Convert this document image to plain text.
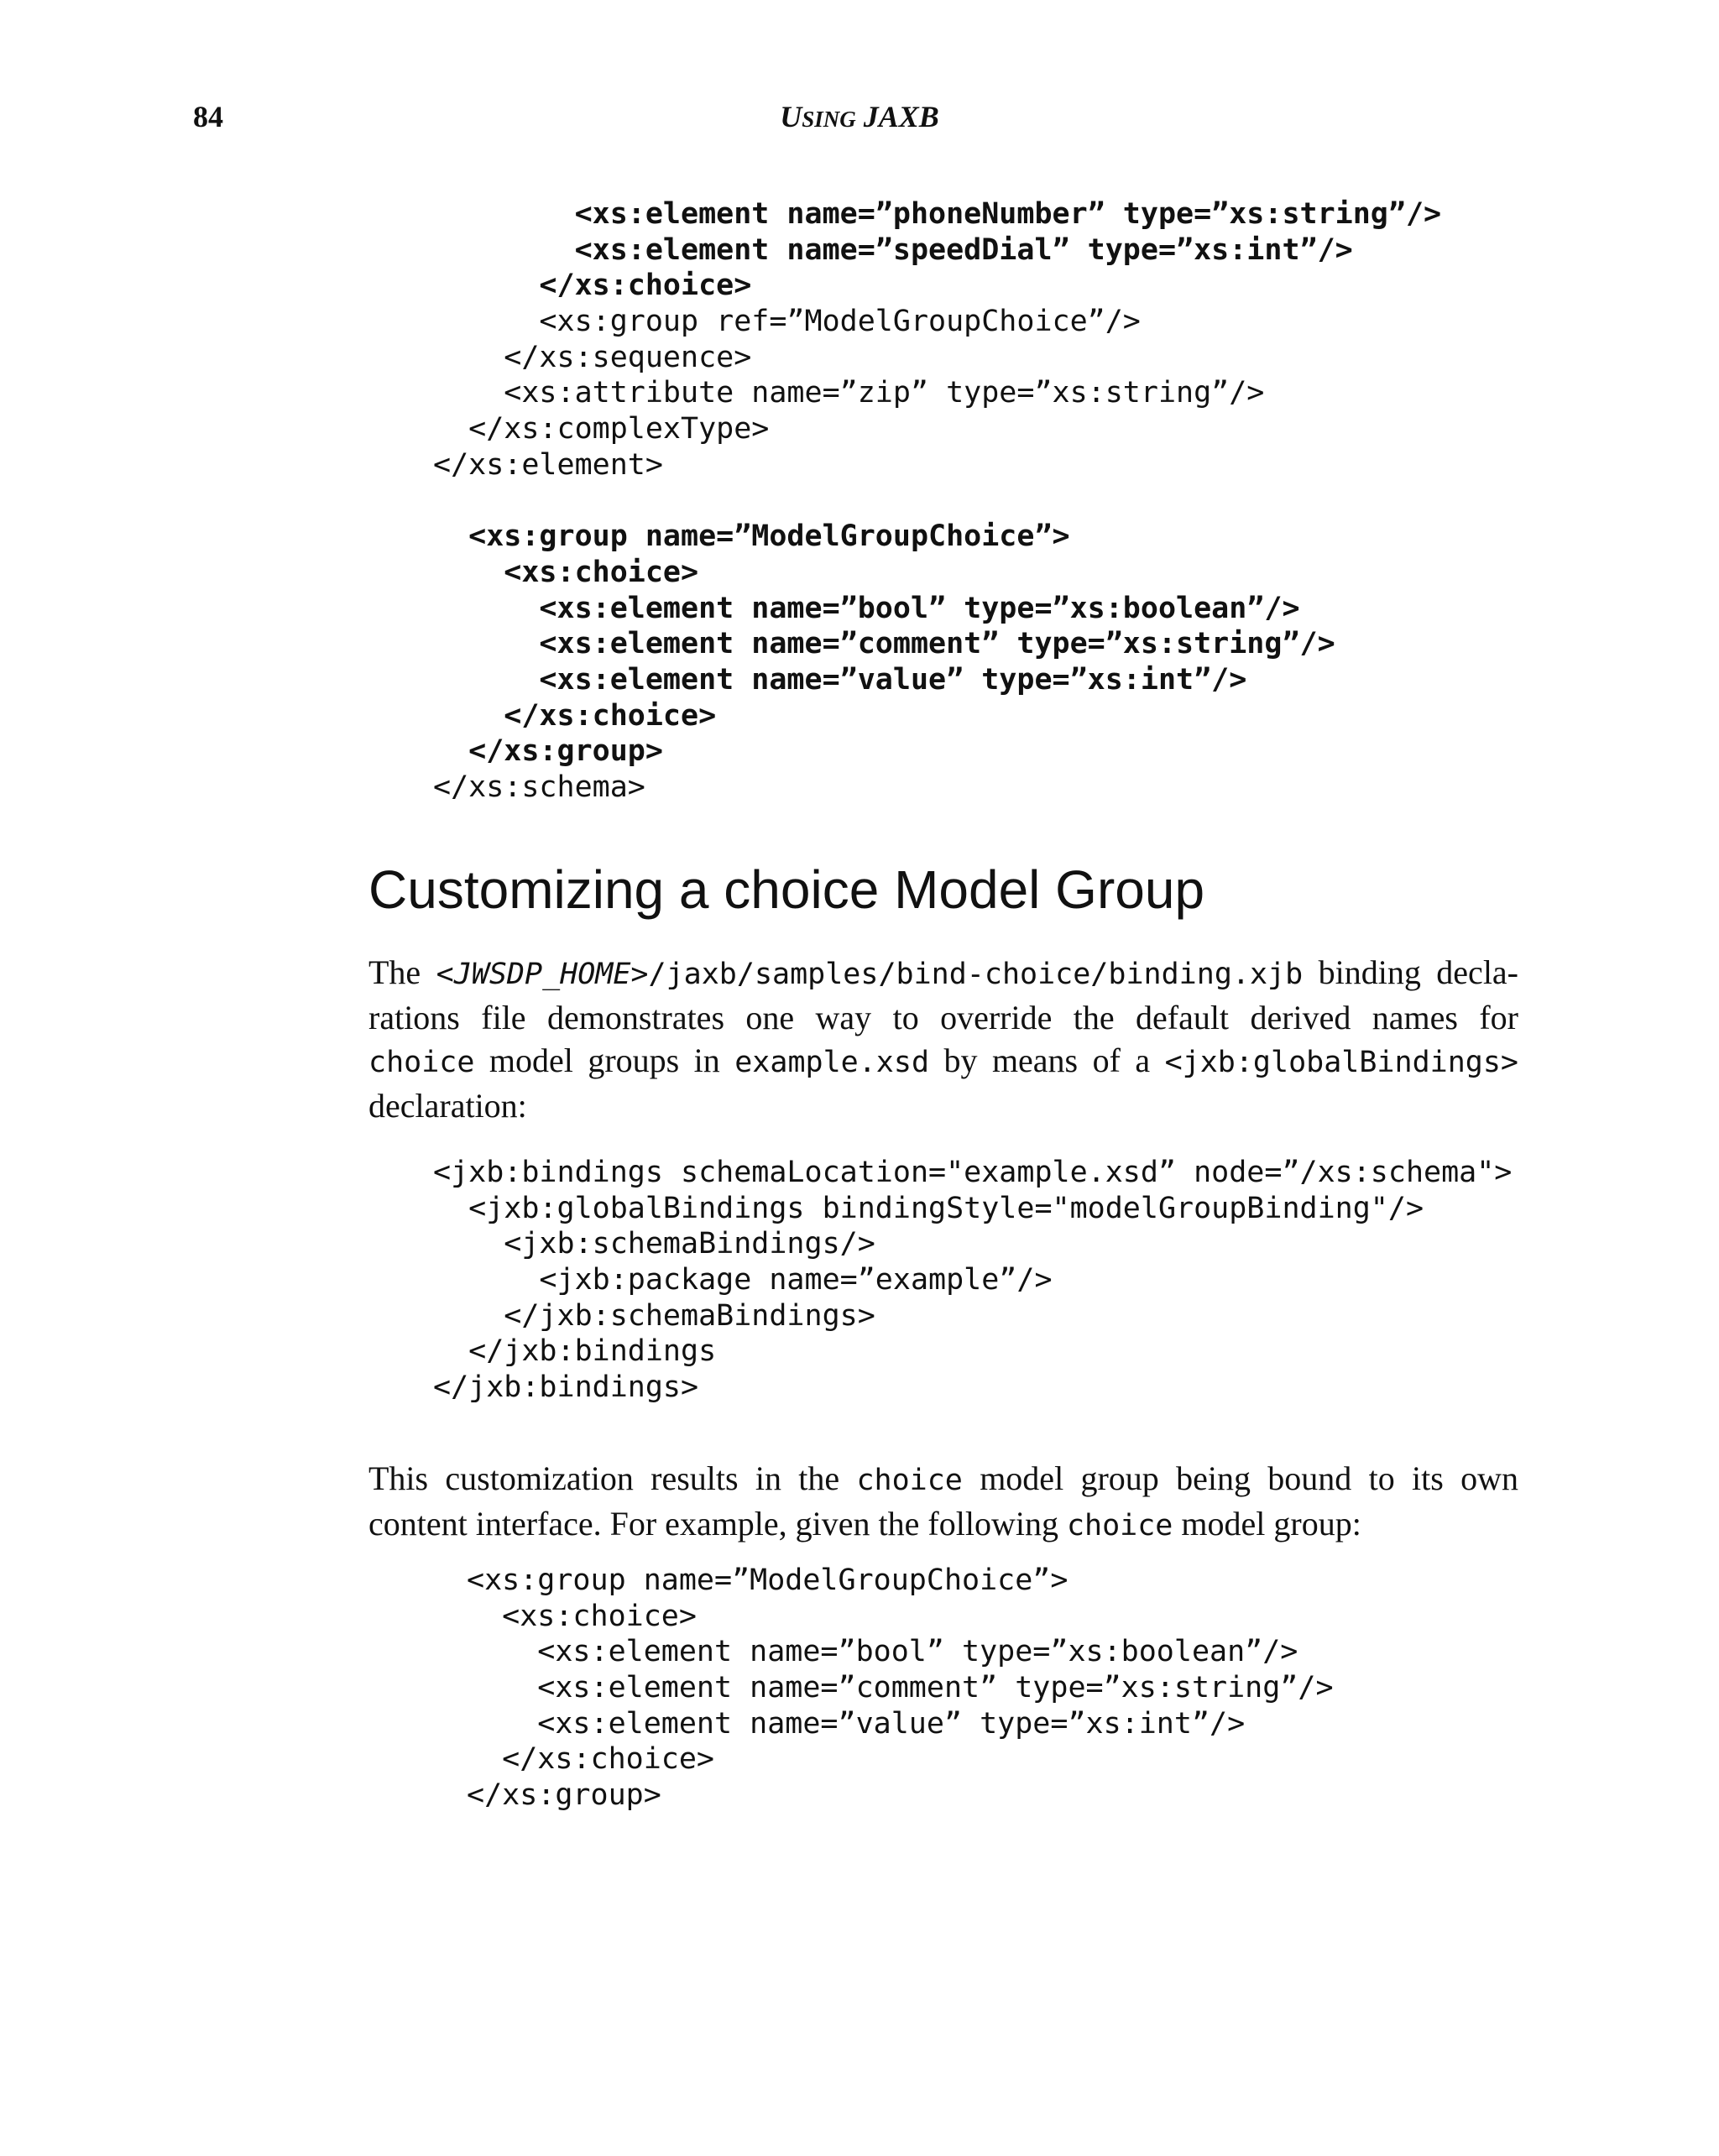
84	USING JAXB
<xs:element name=”phoneNumber” type=”xs:string”/>
<xs:element name=”speedDial” type=”xs:int”/>
</xs:choice>
<xs:group ref=”ModelGroupChoice”/>
</xs:sequence>
<xs:attribute name=”zip” type=”xs:string”/>
</xs:complexType>
</xs:element>
<xs:group name=”ModelGroupChoice”>
<xs:choice>
<xs:element name=”bool” type=”xs:boolean”/>
<xs:element name=”comment” type=”xs:string”/>
<xs:element name=”value” type=”xs:int”/>
</xs:choice>
</xs:group>
</xs:schema>
Customizing a choice Model Group
The <JWSDP_HOME>/jaxb/samples/bind-choice/binding.xjb binding decla-
rations file demonstrates one way to override the default derived names for
choice model groups in example.xsd by means of a <jxb:globalBindings>
declaration:
<jxb:bindings schemaLocation="example.xsd” node=”/xs:schema">
<jxb:globalBindings bindingStyle="modelGroupBinding"/>
<jxb:schemaBindings/>
<jxb:package name=”example”/>
</jxb:schemaBindings>
</jxb:bindings
</jxb:bindings>
This customization results in the choice model group being bound to its own
content interface. For example, given the following choice model group:
<xs:group name=”ModelGroupChoice”>
<xs:choice>
<xs:element name=”bool” type=”xs:boolean”/>
<xs:element name=”comment” type=”xs:string”/>
<xs:element name=”value” type=”xs:int”/>
</xs:choice>
</xs:group>
